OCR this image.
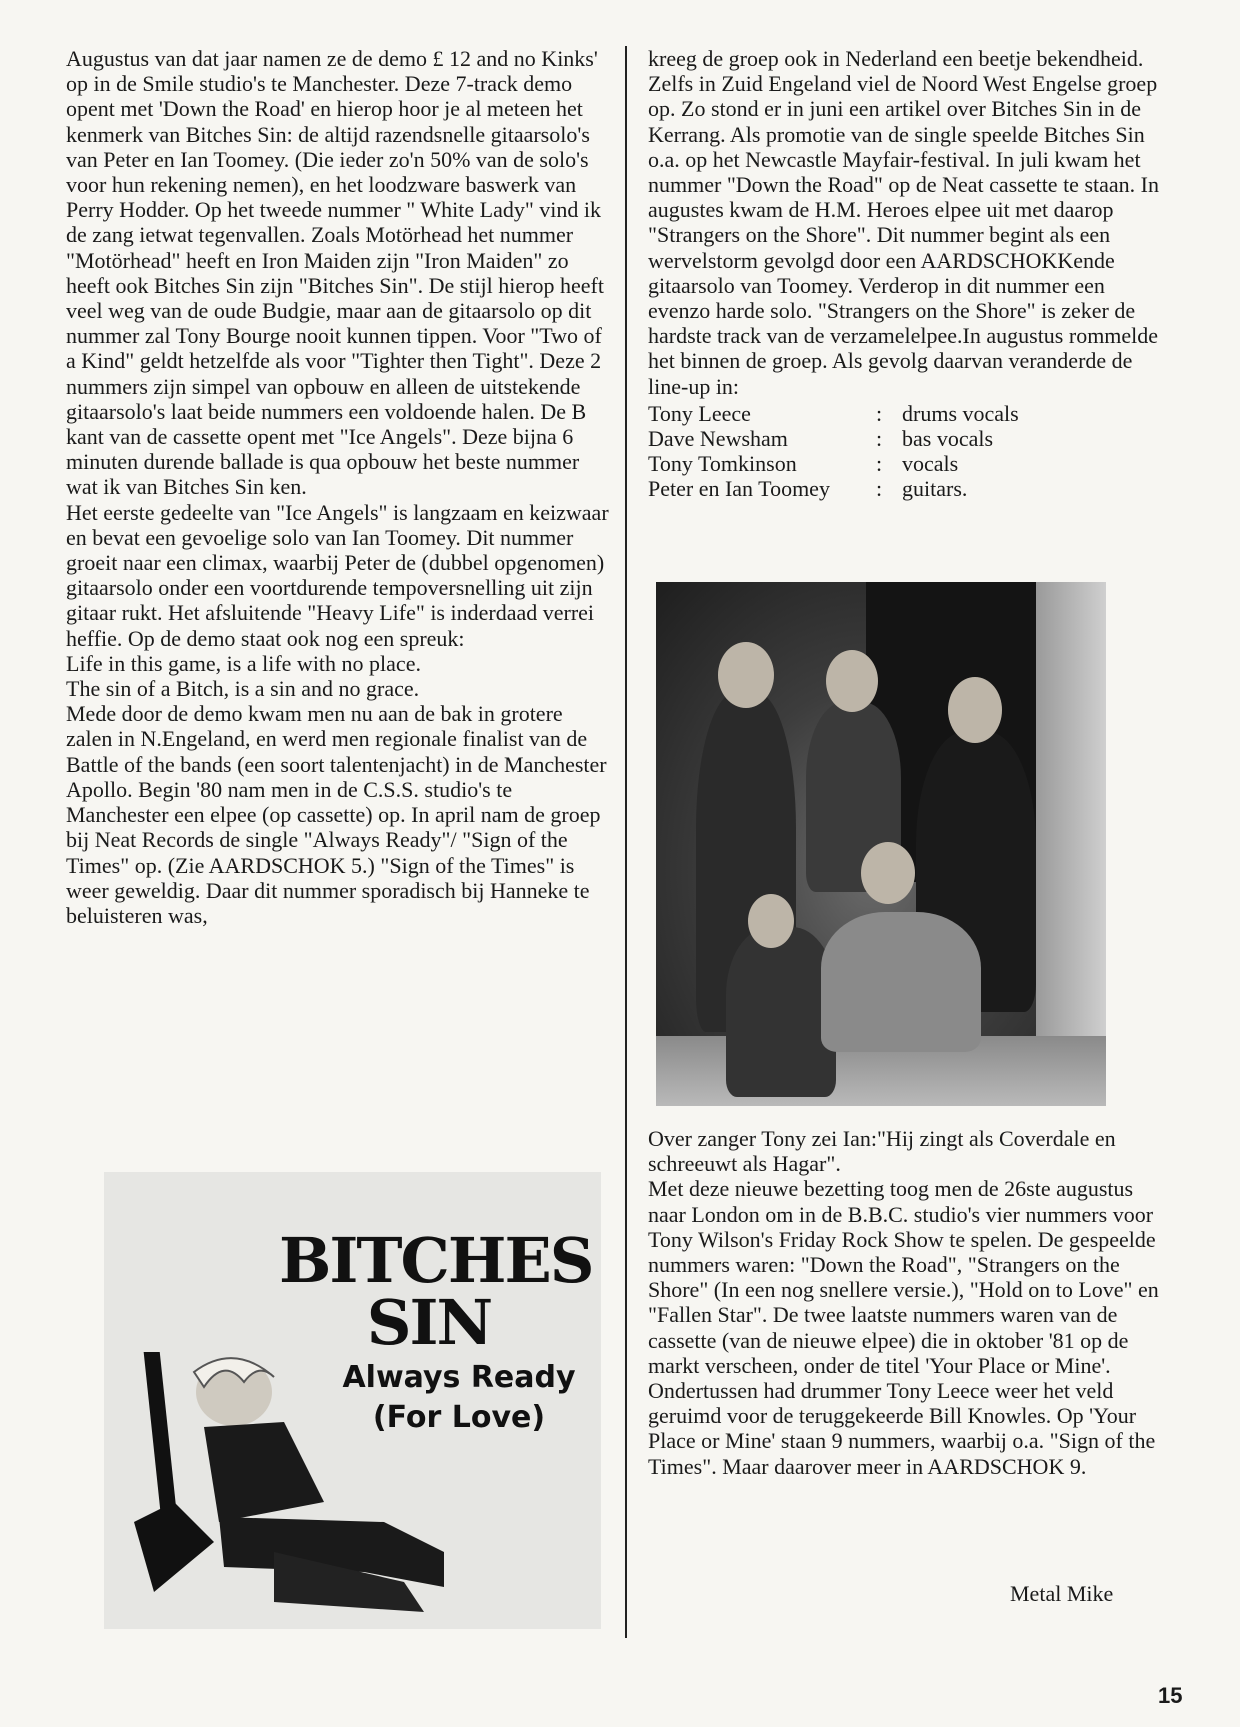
Augustus van dat jaar namen ze de demo £ 12 and no Kinks' op in de Smile studio's te Manchester. Deze 7-track demo opent met 'Down the Road' en hierop hoor je al meteen het kenmerk van Bitches Sin: de altijd razendsnelle gitaarsolo's van Peter en Ian Toomey. (Die ieder zo'n 50% van de solo's voor hun rekening nemen), en het loodzware baswerk van Perry Hodder. Op het tweede nummer " White Lady" vind ik de zang ietwat tegenvallen. Zoals Motörhead het nummer "Motörhead" heeft en Iron Maiden zijn "Iron Maiden" zo heeft ook Bitches Sin zijn "Bitches Sin". De stijl hierop heeft veel weg van de oude Budgie, maar aan de gitaarsolo op dit nummer zal Tony Bourge nooit kunnen tippen. Voor "Two of a Kind" geldt hetzelfde als voor "Tighter then Tight". Deze 2 nummers zijn simpel van opbouw en alleen de uitstekende gitaarsolo's laat beide nummers een voldoende halen. De B kant van de cassette opent met "Ice Angels". Deze bijna 6 minuten durende ballade is qua opbouw het beste nummer wat ik van Bitches Sin ken.

Het eerste gedeelte van "Ice Angels" is langzaam en keizwaar en bevat een gevoelige solo van Ian Toomey. Dit nummer groeit naar een climax, waarbij Peter de (dubbel opgenomen) gitaarsolo onder een voortdurende tempoversnelling uit zijn gitaar rukt. Het afsluitende "Heavy Life" is inderdaad verrei heffie. Op de demo staat ook nog een spreuk:

Life in this game, is a life with no place.

The sin of a Bitch, is a sin and no grace.

Mede door de demo kwam men nu aan de bak in grotere zalen in N.Engeland, en werd men regionale finalist van de Battle of the bands (een soort talentenjacht) in de Manchester Apollo. Begin '80 nam men in de C.S.S. studio's te Manchester een elpee (op cassette) op. In april nam de groep bij Neat Records de single "Always Ready"/ "Sign of the Times" op. (Zie AARDSCHOK 5.) "Sign of the Times" is weer geweldig. Daar dit nummer sporadisch bij Hanneke te beluisteren was,

kreeg de groep ook in Nederland een beetje bekendheid. Zelfs in Zuid Engeland viel de Noord West Engelse groep op. Zo stond er in juni een artikel over Bitches Sin in de Kerrang. Als promotie van de single speelde Bitches Sin o.a. op het Newcastle Mayfair-festival. In juli kwam het nummer "Down the Road" op de Neat cassette te staan. In augustes kwam de H.M. Heroes elpee uit met daarop "Strangers on the Shore". Dit nummer begint als een wervelstorm gevolgd door een AARDSCHOKKende gitaarsolo van Toomey. Verderop in dit nummer een evenzo harde solo. "Strangers on the Shore" is zeker de hardste track van de verzamelelpee.In augustus rommelde het binnen de groep. Als gevolg daarvan veranderde de line-up in:

Tony Leece	: drums vocals
Dave Newsham	: bas vocals
Tony Tomkinson	: vocals
Peter en Ian Toomey	: guitars.

Over zanger Tony zei Ian:"Hij zingt als Coverdale en schreeuwt als Hagar".

Met deze nieuwe bezetting toog men de 26ste augustus naar London om in de B.B.C. studio's vier nummers voor Tony Wilson's Friday Rock Show te spelen. De gespeelde nummers waren: "Down the Road", "Strangers on the Shore" (In een nog snellere versie.), "Hold on to Love" en "Fallen Star". De twee laatste nummers waren van de cassette (van de nieuwe elpee) die in oktober '81 op de markt verscheen, onder de titel 'Your Place or Mine'. Ondertussen had drummer Tony Leece weer het veld geruimd voor de teruggekeerde Bill Knowles. Op 'Your Place or Mine' staan 9 nummers, waarbij o.a. "Sign of the Times". Maar daarover meer in AARDSCHOK 9.

BITCHES SIN
Always Ready
(For Love)
Metal Mike
15
